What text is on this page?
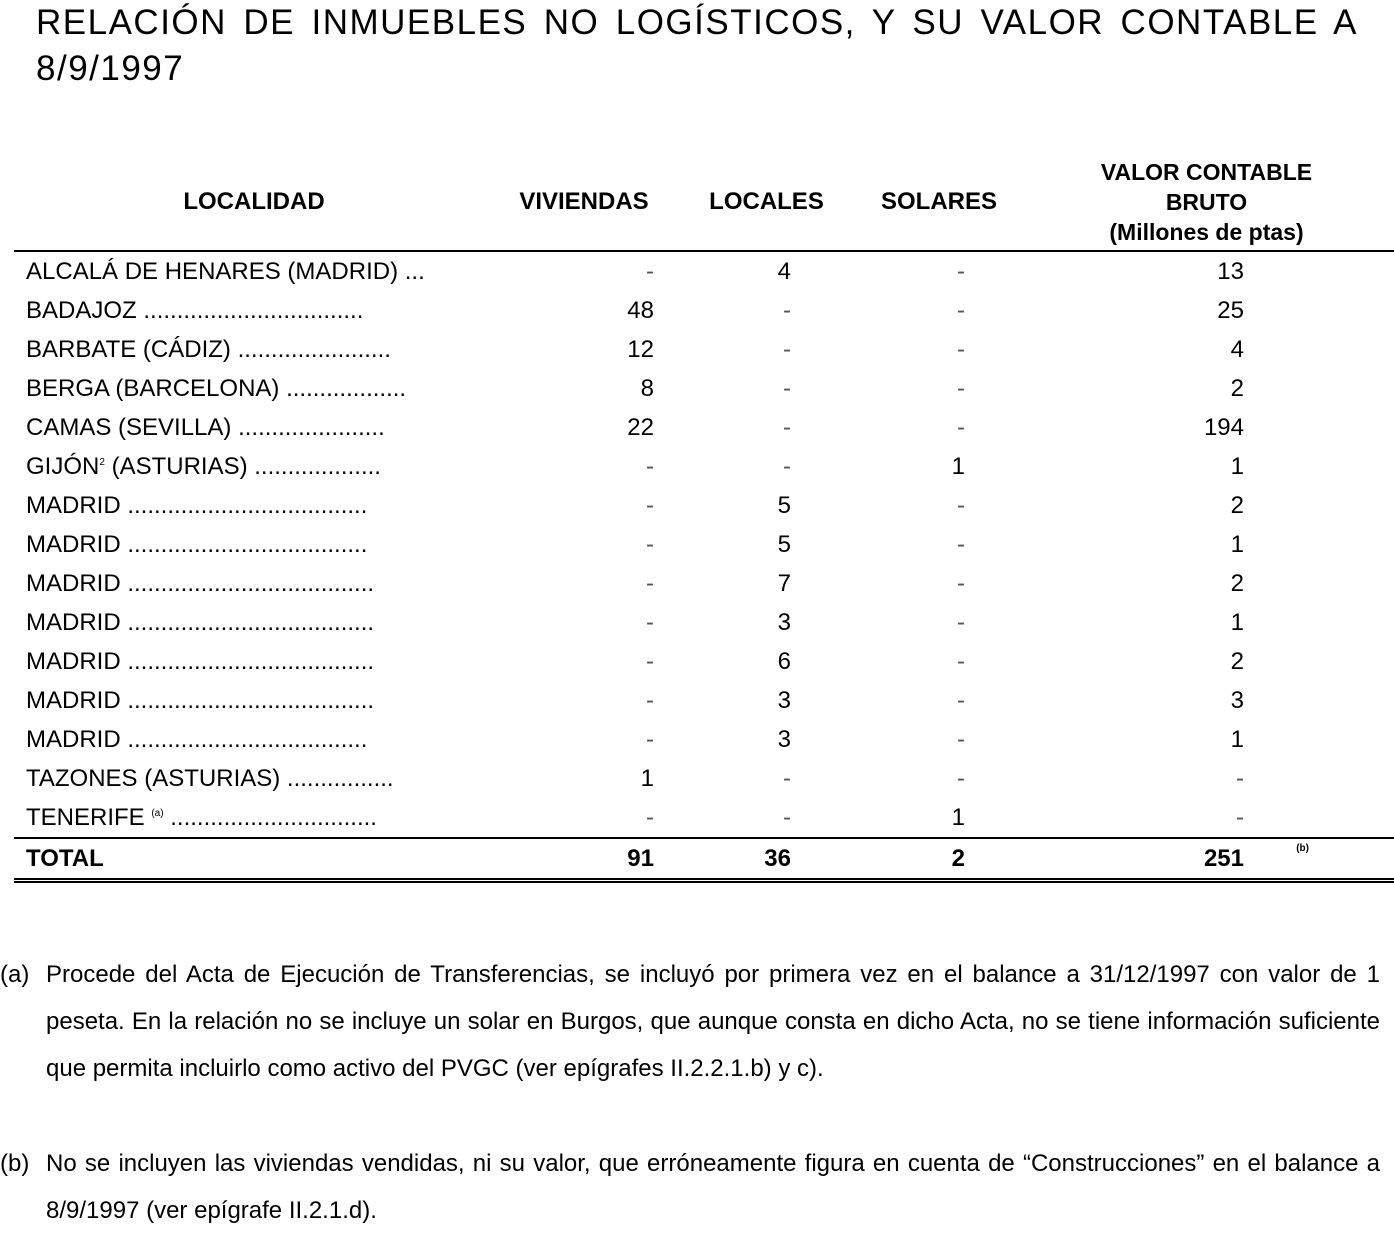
RELACIÓN DE INMUEBLES NO LOGÍSTICOS, Y SU VALOR CONTABLE A 8/9/1997
LOCALIDAD	VIVIENDAS	LOCALES	SOLARES	VALOR CONTABLE
BRUTO
(Millones de ptas)

ALCALÁ DE HENARES (MADRID) ...	-	4	-	13
BADAJOZ .................................	48	-	-	25
BARBATE (CÁDIZ) .......................	12	-	-	4
BERGA (BARCELONA) ..................	8	-	-	2
CAMAS (SEVILLA) ......................	22	-	-	194
GIJÓN$^2$ (ASTURIAS) ...................	-	-	1	1
MADRID ....................................	-	5	-	2
MADRID ....................................	-	5	-	1
MADRID .....................................	-	7	-	2
MADRID .....................................	-	3	-	1
MADRID .....................................	-	6	-	2
MADRID .....................................	-	3	-	3
MADRID ....................................	-	3	-	1
TAZONES (ASTURIAS) ................	1	-	-	-
TENERIFE $^{(a)}$ ...............................	-	-	1	-
TOTAL	91	36	2	251 (b)
(a) Procede del Acta de Ejecución de Transferencias, se incluyó por primera vez en el balance a 31/12/1997 con valor de 1 peseta. En la relación no se incluye un solar en Burgos, que aunque consta en dicho Acta, no se tiene información suficiente que permita incluirlo como activo del PVGC (ver epígrafes II.2.2.1.b) y c).
(b) No se incluyen las viviendas vendidas, ni su valor, que erróneamente figura en cuenta de “Construcciones” en el balance a 8/9/1997 (ver epígrafe II.2.1.d).
